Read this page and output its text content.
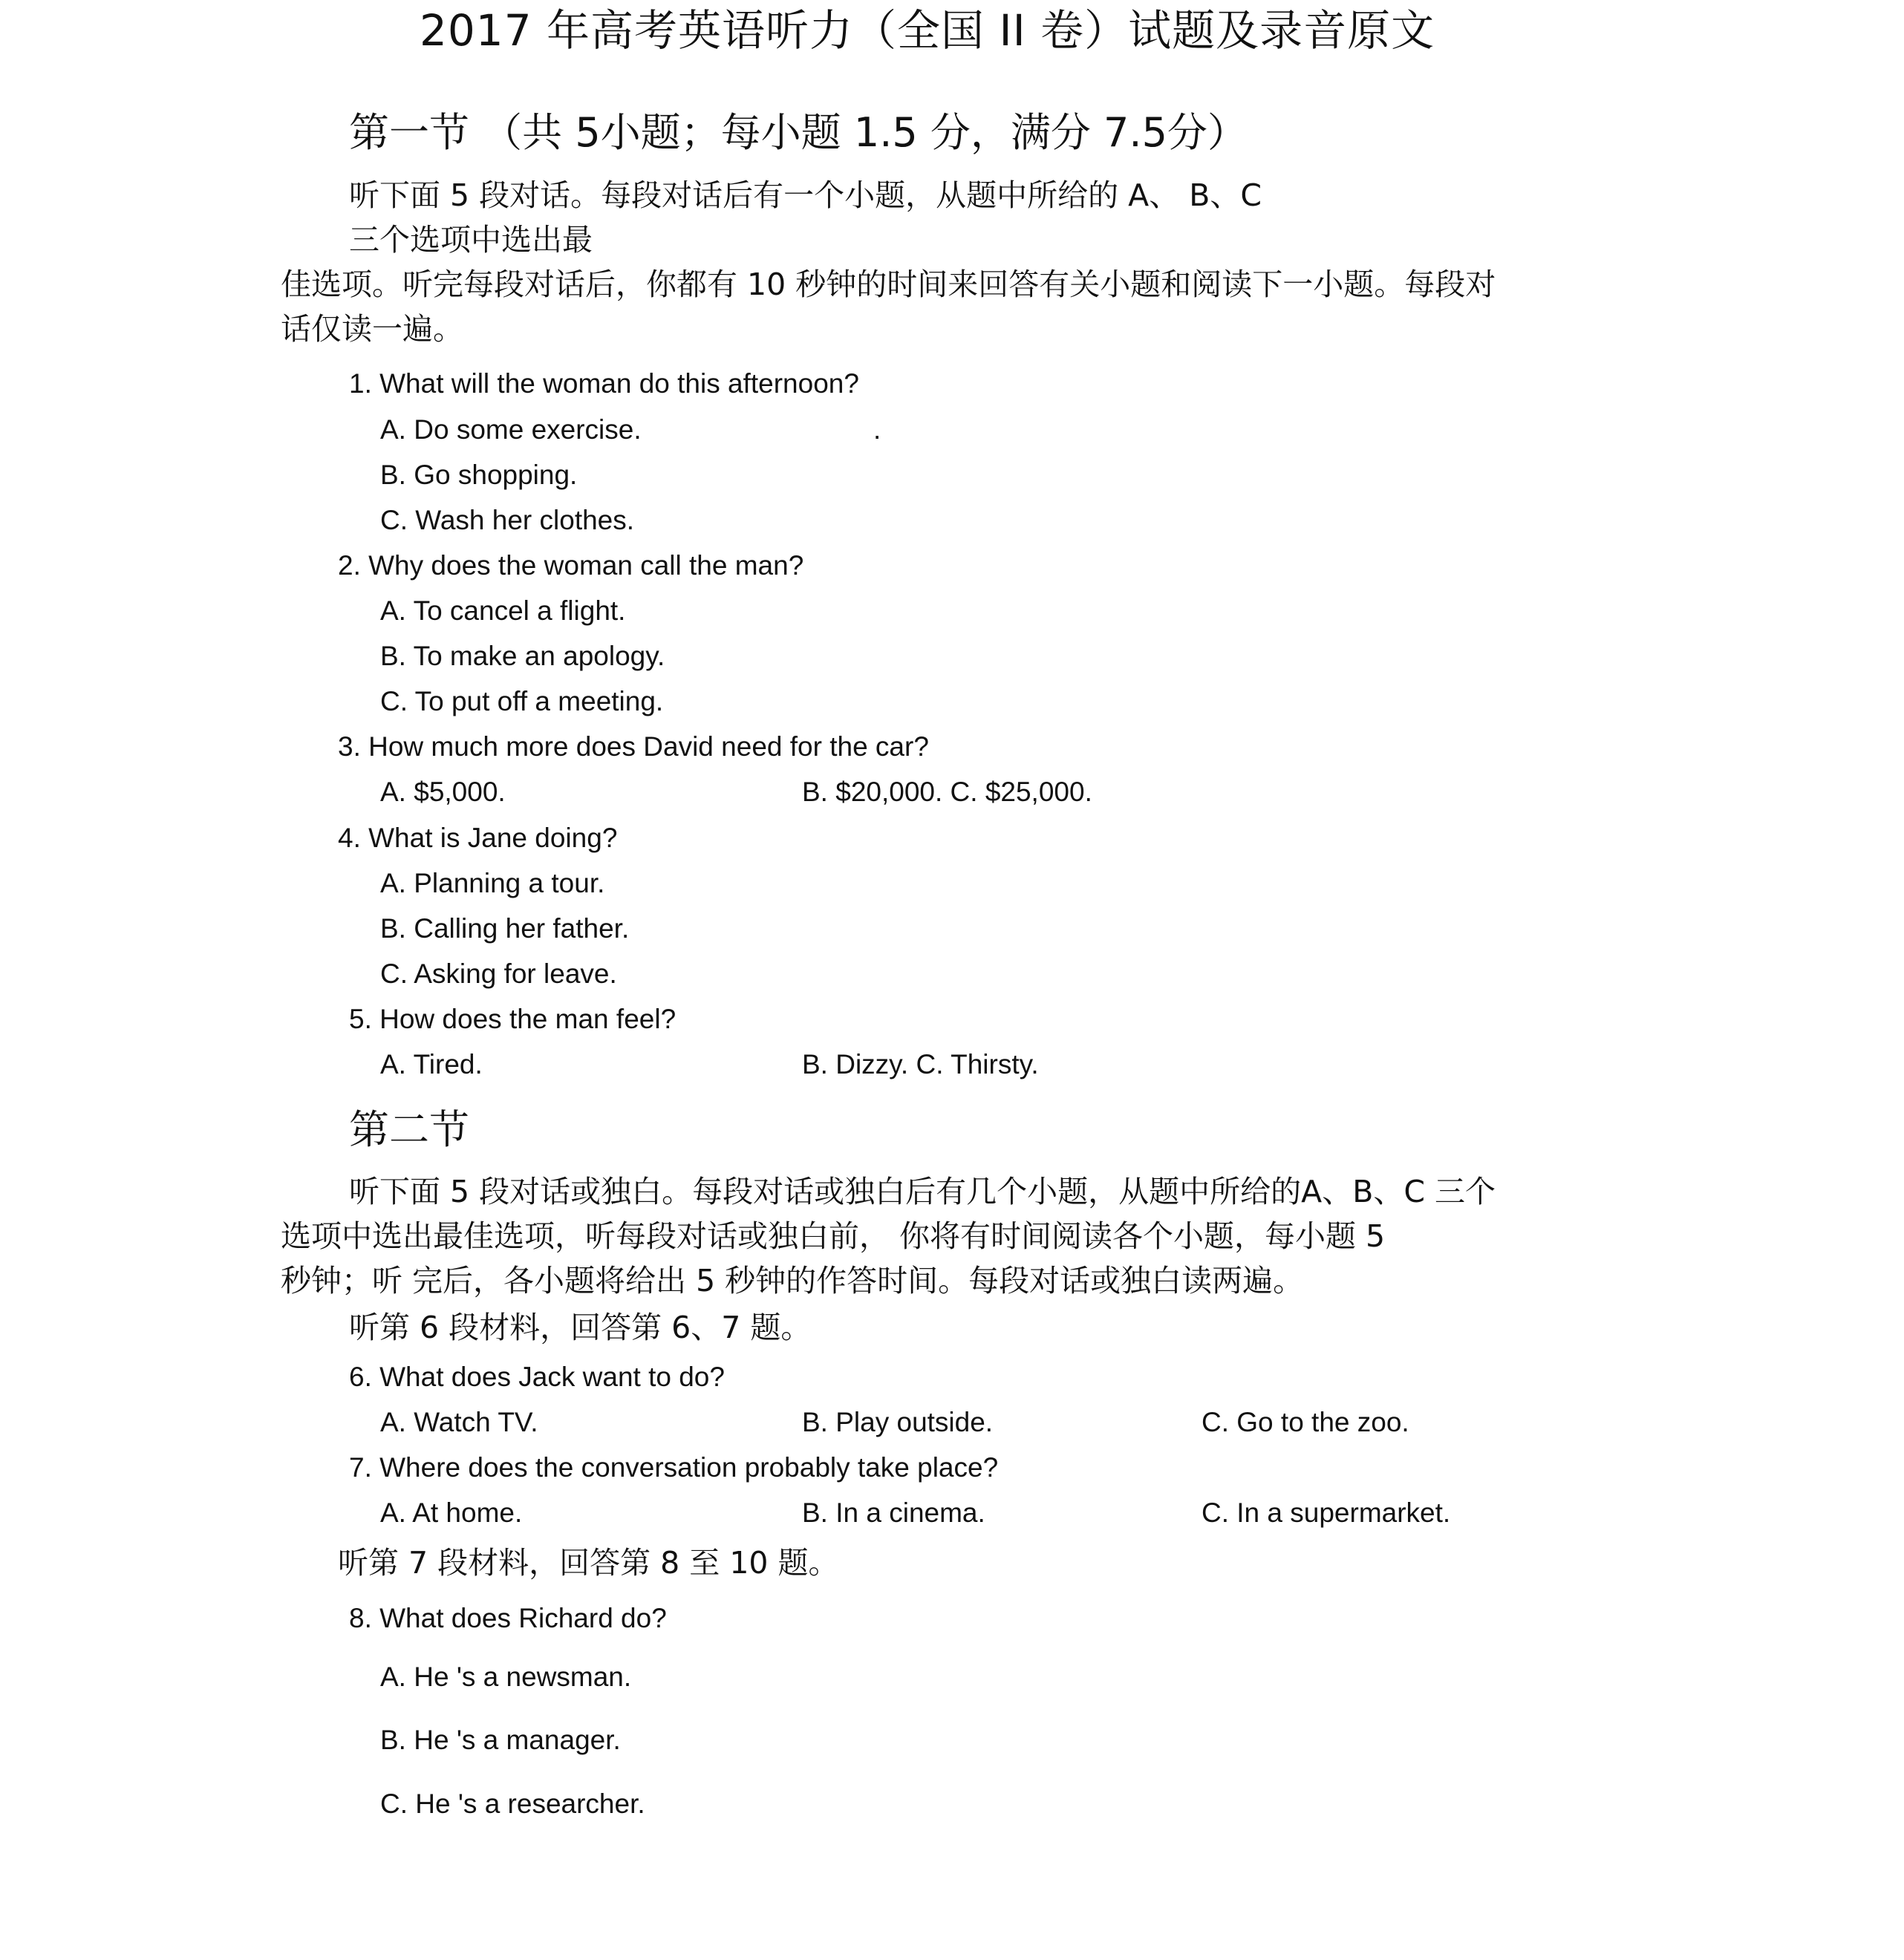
2017 年高考英语听力（全国 II 卷）试题及录音原文
第一节 （共 5小题；每小题 1.5 分，满分 7.5分）
听下面 5 段对话。每段对话后有一个小题，从题中所给的 A、 B、C
三个选项中选出最
佳选项。听完每段对话后，你都有 10 秒钟的时间来回答有关小题和阅读下一小题。每段对
话仅读一遍。
1. What will the woman do this afternoon?
A. Do some exercise.	.
B. Go shopping.
C. Wash her clothes.
2. Why does the woman call the man?
A. To cancel a flight.
B. To make an apology.
C. To put off a meeting.
3. How much more does David need for the car?
A. $5,000.	B. $20,000. C. $25,000.
4. What is Jane doing?
A. Planning a tour.
B. Calling her father.
C. Asking for leave.
5. How does the man feel?
A. Tired.	B. Dizzy. C. Thirsty.
第二节
听下面 5 段对话或独白。每段对话或独白后有几个小题，从题中所给的A、B、C 三个
选项中选出最佳选项，听每段对话或独白前， 你将有时间阅读各个小题，每小题 5
秒钟；听 完后，各小题将给出 5 秒钟的作答时间。每段对话或独白读两遍。
听第 6 段材料，回答第 6、7 题。
6. What does Jack want to do?
A. Watch TV.	B. Play outside.	C. Go to the zoo.
7. Where does the conversation probably take place?
A. At home.	B. In a cinema.	C. In a supermarket.
听第 7 段材料，回答第 8 至 10 题。
8. What does Richard do?
A. He 's a newsman.
B. He 's a manager.
C. He 's a researcher.
